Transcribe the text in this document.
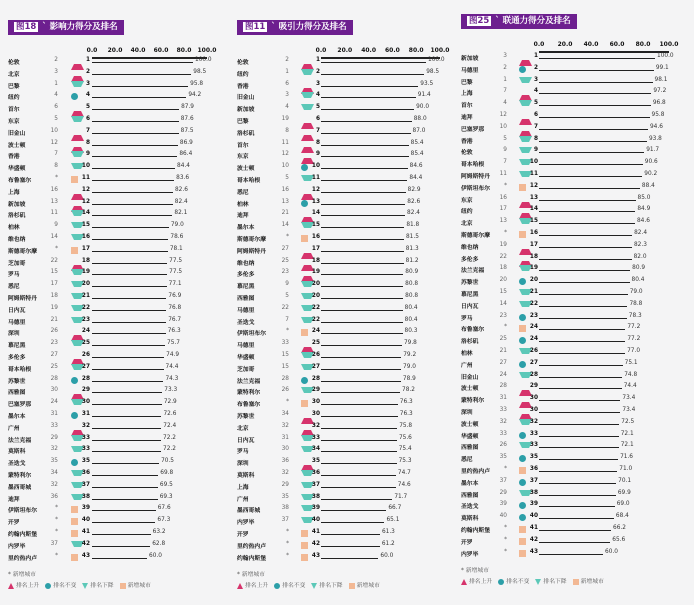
图18 ` 影响力得分及排名
0.0 20.0 40.0 60.0 80.0 100.0
伦敦	2	1	100.0
北京	3	2	98.5
巴黎	1	3	95.8
纽约	4	4	94.2
首尔	6	5	87.9
东京	5	6	87.6
旧金山	10	7	87.5
波士顿	12	8	86.9
香港	7	9	86.4
华盛顿	8	10	84.4
布鲁塞尔	*	11	83.6
上海	16	12	82.6
新加坡	13	12	82.4
洛杉矶	11	14	82.1
柏林	9	15	79.0
维也纳	14	16	78.6
斯德哥尔摩	*	17	78.1
芝加哥	22	18	77.5
罗马	15	19	77.5
悉尼	17	20	77.1
阿姆斯特丹	18	21	76.9
日内瓦	19	22	76.8
马德里	21	23	76.7
深圳	26	24	76.3
慕尼黑	23	25	75.7
多伦多	27	26	74.9
哥本哈根	25	27	74.4
苏黎世	28	28	74.3
西雅图	30	29	73.3
巴塞罗那	24	30	72.9
墨尔本	31	31	72.6
广州	33	32	72.4
法兰克福	29	33	72.2
莫斯科	32	33	72.2
圣迭戈	35	35	70.5
蒙特利尔	34	36	69.8
墨西哥城	32	37	69.5
迪拜	36	38	69.3
伊斯坦布尔	*	39	67.6
开罗	*	40	67.3
约翰内斯堡	*	41	63.2
内罗毕	37	42	62.8
里约热内卢	*	43	60.0
* 新增城市
排名上升 排名不变 排名下降 新增城市
图11 ` 吸引力得分及排名
0.0 20.0 40.0 60.0 80.0 100.0
伦敦	2	1	100.0
纽约	1	2	98.5
香港	6	3	93.5
旧金山	3	4	91.4
新加坡	4	5	90.0
巴黎	19	6	88.0
洛杉矶	8	7	87.0
首尔	11	8	85.4
东京	12	9	85.4
波士顿	10	10	84.6
哥本哈根	5	11	84.4
悉尼	16	12	82.9
柏林	13	13	82.6
迪拜	21	14	82.4
墨尔本	14	15	81.8
斯德哥尔摩	*	16	81.5
阿姆斯特丹	27	17	81.3
维也纳	25	18	81.2
多伦多	23	19	80.9
慕尼黑	9	20	80.8
西雅图	5	20	80.8
马德里	22	22	80.4
圣迭戈	7	22	80.4
伊斯坦布尔	*	24	80.3
马德里	33	25	79.8
华盛顿	15	26	79.2
芝加哥	15	27	79.0
法兰克福	28	28	78.9
蒙特利尔	26	29	78.2
布鲁塞尔	*	30	76.3
苏黎世	34	30	76.3
北京	32	32	75.8
日内瓦	31	33	75.6
罗马	30	34	75.4
深圳	36	35	75.3
莫斯科	32	36	74.7
上海	29	37	74.6
广州	35	38	71.7
墨西哥城	38	39	66.7
内罗毕	37	40	65.1
开罗	*	41	61.3
里约热内卢	*	42	61.2
约翰内斯堡	*	43	60.0
* 新增城市
排名上升 排名不变 排名下降 新增城市
图25 ` 联通力得分及排名
0.0 20.0 40.0 60.0 80.0 100.0
新加坡	3	1	100.0
马德里	2	2	99.1
巴黎	1	3	98.1
上海	7	4	97.2
首尔	4	5	96.8
迪拜	12	6	95.8
巴塞罗那	10	7	94.6
香港	5	8	93.8
伦敦	9	9	91.7
哥本哈根	7	10	90.6
阿姆斯特丹	11	11	90.2
伊斯坦布尔	*	12	88.4
东京	16	13	85.0
纽约	17	14	84.9
北京	13	15	84.6
斯德哥尔摩	*	16	82.4
维也纳	19	17	82.3
多伦多	22	18	82.0
法兰克福	18	19	80.9
苏黎世	20	20	80.4
慕尼黑	15	21	79.0
日内瓦	14	22	78.8
罗马	23	23	78.3
布鲁塞尔	*	24	77.2
洛杉矶	25	24	77.2
柏林	21	26	77.0
广州	27	27	75.1
旧金山	24	28	74.8
波士顿	28	29	74.4
蒙特利尔	31	30	73.4
深圳	33	30	73.4
波士顿	32	32	72.5
华盛顿	33	33	72.1
西雅图	26	33	72.1
悉尼	35	35	71.6
里约热内卢	*	36	71.0
墨尔本	37	37	70.1
西雅图	29	38	69.9
圣迭戈	39	39	69.0
莫斯科	40	40	68.4
约翰内斯堡	*	41	66.2
开罗	*	42	65.6
内罗毕	*	43	60.0
* 新增城市
排名上升 排名不变 排名下降 新增城市
